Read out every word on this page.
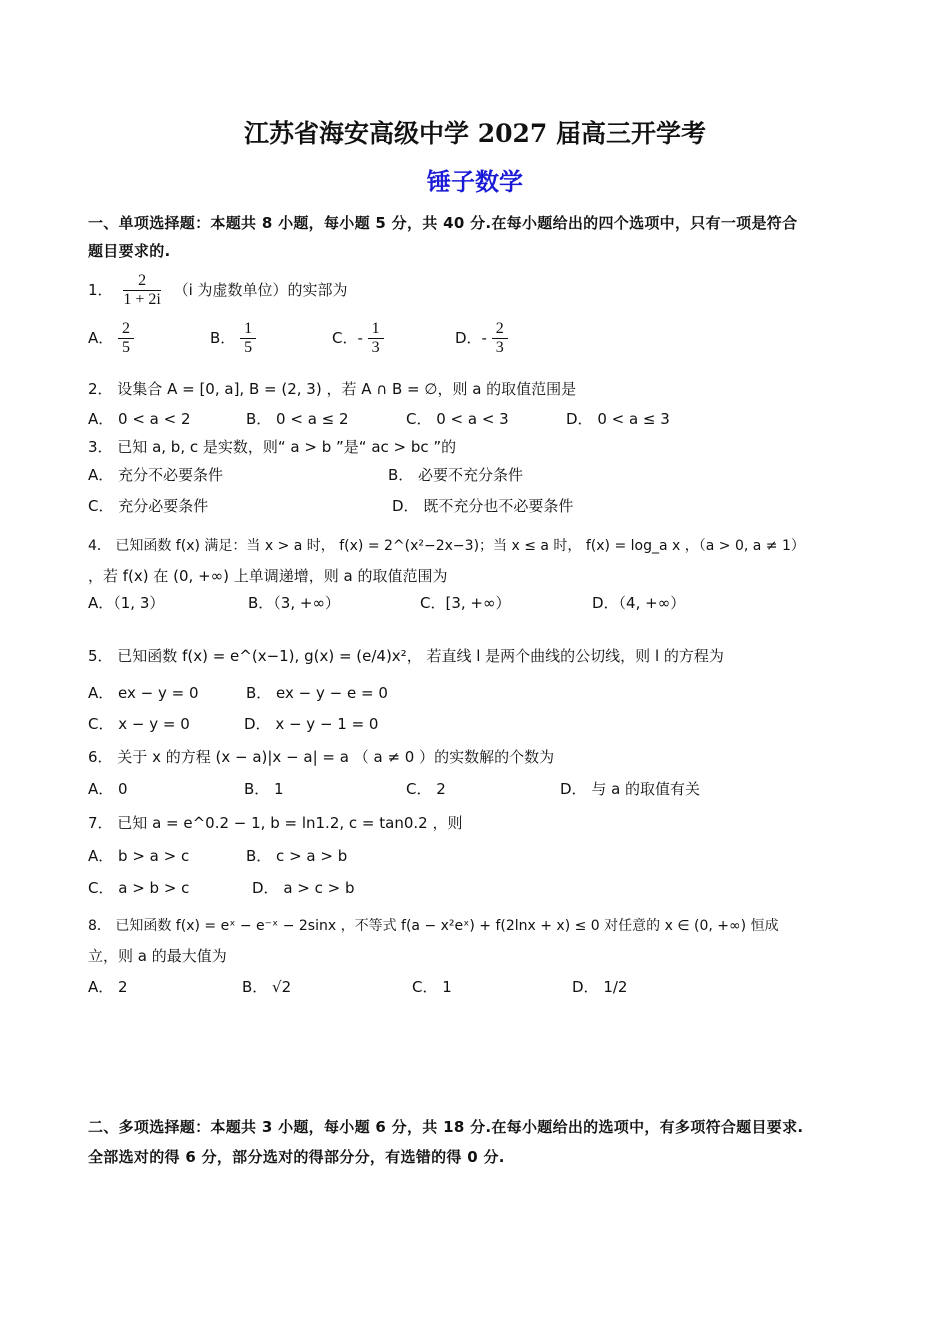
江苏省海安高级中学 2027 届高三开学考
锤子数学
一、单项选择题：本题共 8 小题，每小题 5 分，共 40 分.在每小题给出的四个选项中，只有一项是符合
题目要求的.
1． $\frac{2}{1 + 2i} (i$ 为虚数单位）的实部为
A． $\frac{2}{5}$	B． $\frac{1}{5}$	C．- $\frac{1}{3}$	D．- $\frac{2}{3}$
2． 设集合 A = [0, a], B = (2, 3) ，若 A ∩ B = ∅，则 a 的取值范围是
A． 0 < a < 2	B． 0 < a ≤ 2	C． 0 < a < 3	D． 0 < a ≤ 3
3． 已知 a, b, c 是实数，则“ a > b ”是“ ac > bc ”的
A． 充分不必要条件	B． 必要不充分条件
C． 充分必要条件	D． 既不充分也不必要条件
4． 已知函数 f(x) 满足：当 x > a 时， f(x) = 2^(x²−2x−3)；当 x ≤ a 时， f(x) = log_a x ，（a > 0, a ≠ 1）
，若 f(x) 在 (0, +∞) 上单调递增，则 a 的取值范围为
A．（1, 3）	B．（3, +∞）	C．[3, +∞）	D．（4, +∞）
5． 已知函数 f(x) = e^(x−1), g(x) = (e/4)x²， 若直线 l 是两个曲线的公切线，则 l 的方程为
A． ex − y = 0	B． ex − y − e = 0
C． x − y = 0	D． x − y − 1 = 0
6． 关于 x 的方程 (x − a)|x − a| = a （ a ≠ 0 ）的实数解的个数为
A． 0	B． 1	C． 2	D． 与 a 的取值有关
7． 已知 a = e^0.2 − 1, b = ln1.2, c = tan0.2 ，则
A． b > a > c	B． c > a > b
C． a > b > c	D． a > c > b
8． 已知函数 f(x) = eˣ − e⁻ˣ − 2sinx ，不等式 f(a − x²eˣ) + f(2lnx + x) ≤ 0 对任意的 x ∈ (0, +∞) 恒成
立，则 a 的最大值为
A． 2	B． √2	C． 1	D． 1/2
二、多项选择题：本题共 3 小题，每小题 6 分，共 18 分.在每小题给出的选项中，有多项符合题目要求.
全部选对的得 6 分，部分选对的得部分分，有选错的得 0 分.
